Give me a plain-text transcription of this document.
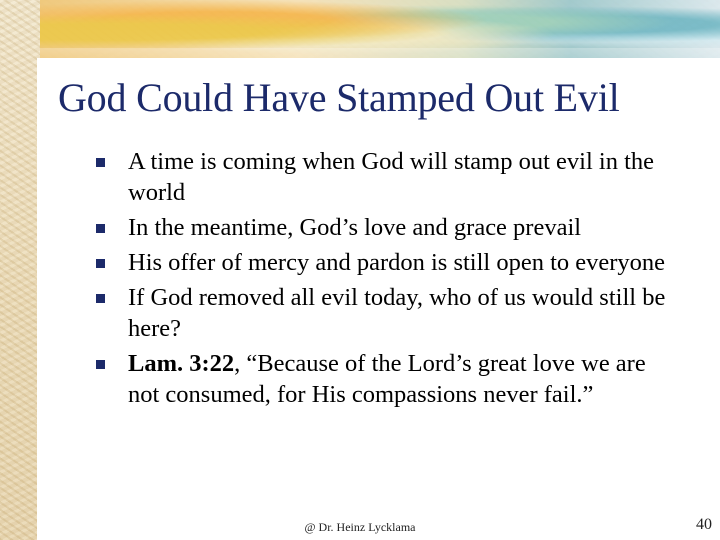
God Could Have Stamped Out Evil
A time is coming when God will stamp out evil in the world
In the meantime, God’s love and grace prevail
His offer of mercy and pardon is still open to everyone
If God removed all evil today, who of us would still be here?
Lam. 3:22, “Because of the Lord’s great love we are not consumed, for His compassions never fail.”
@ Dr. Heinz Lycklama	40
